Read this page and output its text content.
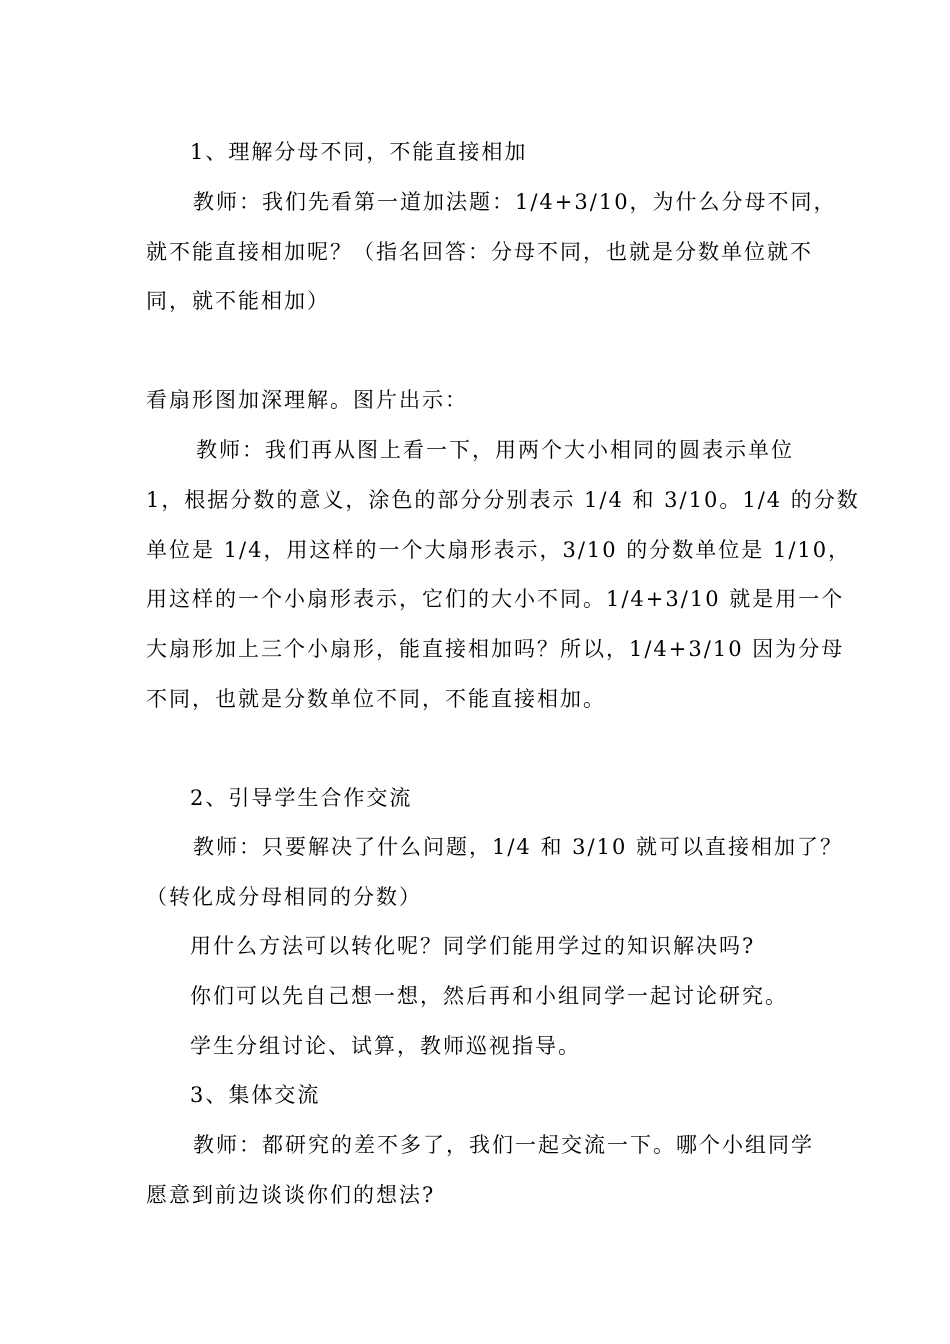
1、理解分母不同，不能直接相加
教师：我们先看第一道加法题：1/4+3/10，为什么分母不同，
就不能直接相加呢？（指名回答：分母不同，也就是分数单位就不
同，就不能相加）
看扇形图加深理解。图片出示：
教师：我们再从图上看一下，用两个大小相同的圆表示单位
1，根据分数的意义，涂色的部分分别表示 1/4 和 3/10。1/4 的分数
单位是 1/4，用这样的一个大扇形表示，3/10 的分数单位是 1/10，
用这样的一个小扇形表示，它们的大小不同。1/4+3/10 就是用一个
大扇形加上三个小扇形，能直接相加吗？所以，1/4+3/10 因为分母
不同，也就是分数单位不同，不能直接相加。
2、引导学生合作交流
教师：只要解决了什么问题，1/4 和 3/10 就可以直接相加了？
（转化成分母相同的分数）
用什么方法可以转化呢？同学们能用学过的知识解决吗?
你们可以先自己想一想，然后再和小组同学一起讨论研究。
学生分组讨论、试算，教师巡视指导。
3、集体交流
教师：都研究的差不多了，我们一起交流一下。哪个小组同学
愿意到前边谈谈你们的想法?
